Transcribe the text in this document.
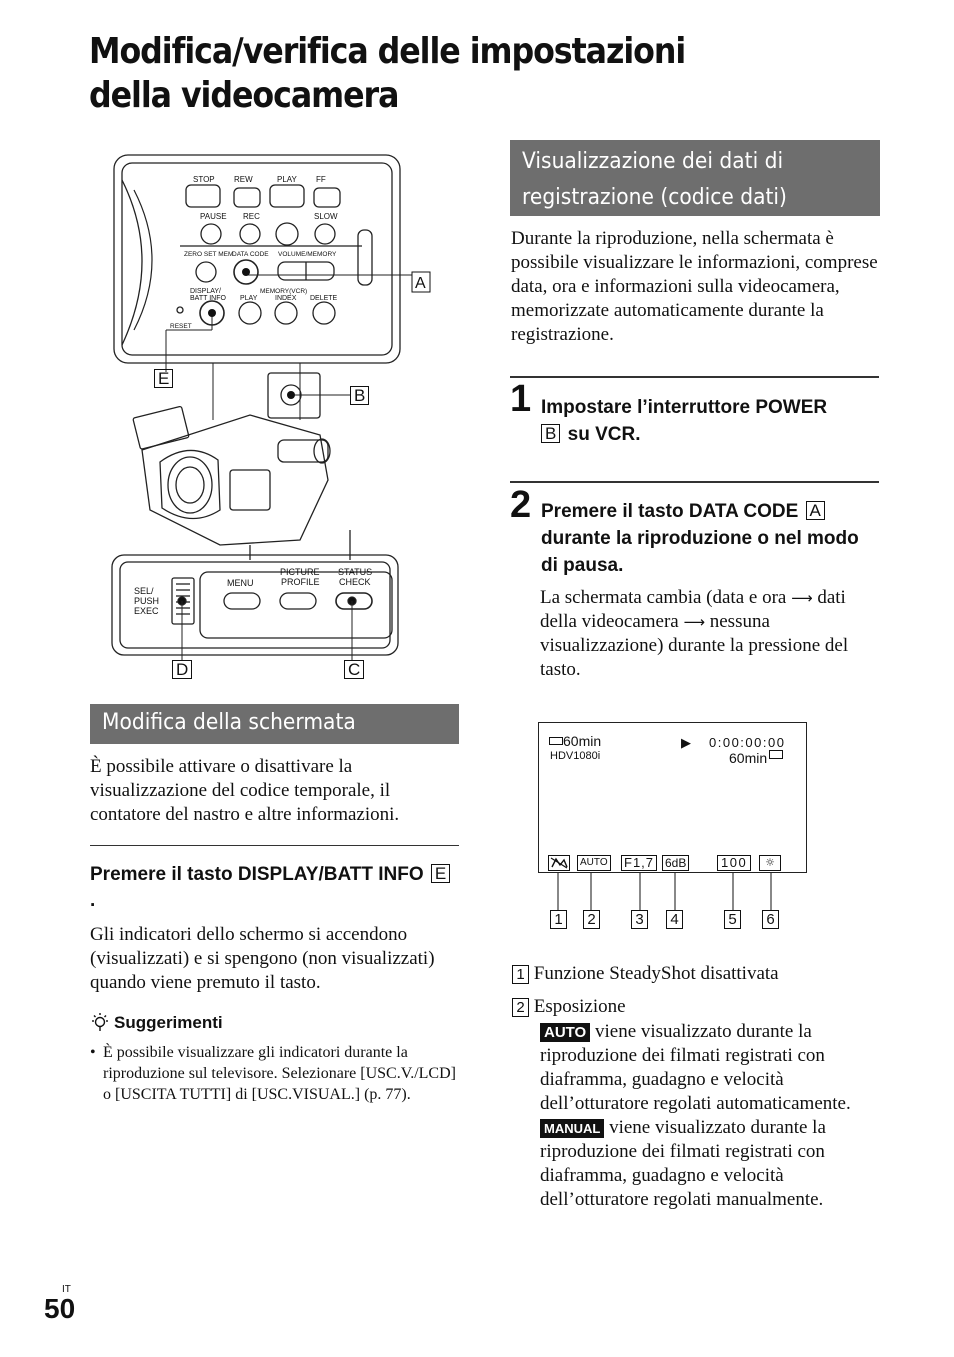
Modifica/verifica delle impostazioni della videocamera
STOP REW	PLAY FF
PAUSE REC	SLOW
ZERO SET MEM
DATA CODE VOLUME/MEMORY
MEMORY(VCR)
DISPLAY/
BATT INFO PLAY	INDEX DELETE
RESET
SEL/
PUSH
EXEC
MENU
PICTURE
PROFILE
STATUS
CHECK
A
E
B
D	C
Modifica della schermata
È possibile attivare o disattivare la visualizzazione del codice temporale, il contatore del nastro e altre informazioni.
Premere il tasto DISPLAY/BATT INFO E.
Gli indicatori dello schermo si accendono (visualizzati) e si spengono (non visualizzati) quando viene premuto il tasto.
Suggerimenti
• È possibile visualizzare gli indicatori durante la riproduzione sul televisore. Selezionare [USC.V./LCD] o [USCITA TUTTI] di [USC.VISUAL.] (p. 77).
Visualizzazione dei dati di registrazione (codice dati)
Durante la riproduzione, nella schermata è possibile visualizzare le informazioni, comprese data, ora e informazioni sulla videocamera, memorizzate automaticamente durante la registrazione.
1 Impostare l’interruttore POWER
B su VCR.
2 Premere il tasto DATA CODE A
durante la riproduzione o nel modo di pausa.
La schermata cambia (data e ora ⟶ dati della videocamera ⟶ nessuna visualizzazione) durante la pressione del tasto.
60min
HDV1080i
▶ 0:00:00:00
60min
AUTO F1,7 6dB	100	☼
1 2	3 4	5 6
1 Funzione SteadyShot disattivata
2 Esposizione
AUTO viene visualizzato durante la riproduzione dei filmati registrati con diaframma, guadagno e velocità dell’otturatore regolati automaticamente. MANUAL viene visualizzato durante la riproduzione dei filmati registrati con diaframma, guadagno e velocità dell’otturatore regolati manualmente.
IT
50
